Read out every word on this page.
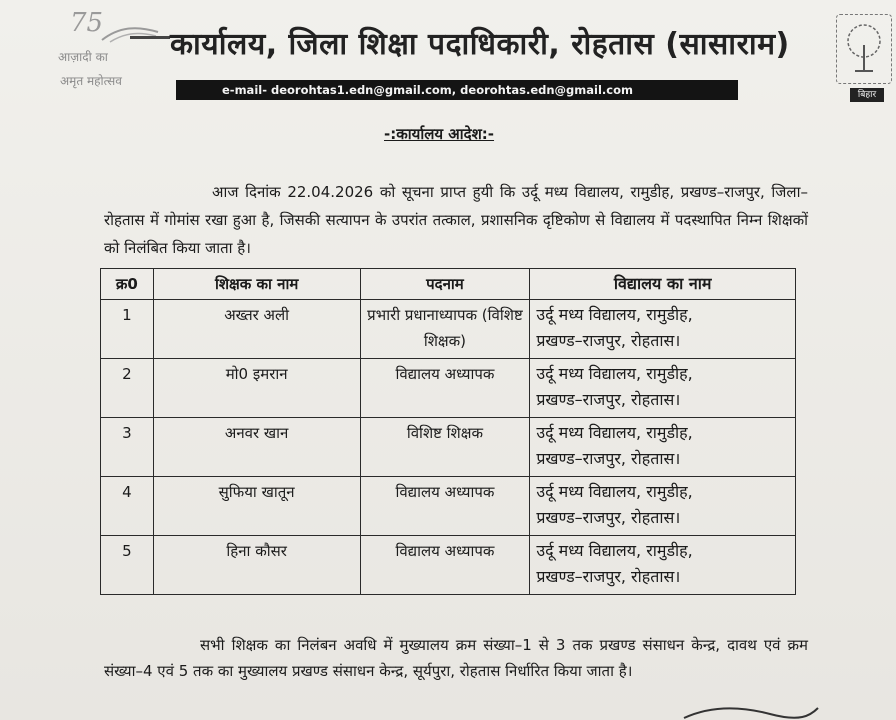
75
आज़ादी का
अमृत महोत्सव
कार्यालय, जिला शिक्षा पदाधिकारी, रोहतास (सासाराम)
e-mail- deorohtas1.edn@gmail.com, deorohtas.edn@gmail.com	बिहार
-:कार्यालय आदेश:-
आज दिनांक 22.04.2026 को सूचना प्राप्त हुयी कि उर्दू मध्य विद्यालय, रामुडीह, प्रखण्ड–राजपुर, जिला–रोहतास में गोमांस रखा हुआ है, जिसकी सत्यापन के उपरांत तत्काल, प्रशासनिक दृष्टिकोण से विद्यालय में पदस्थापित निम्न शिक्षकों को निलंबित किया जाता है।
क्र0	शिक्षक का नाम	पदनाम	विद्यालय का नाम
1	अख्तर अली	प्रभारी प्रधानाध्यापक (विशिष्ट शिक्षक)	उर्दू मध्य विद्यालय, रामुडीह,
प्रखण्ड–राजपुर, रोहतास।

2	मो0 इमरान	विद्यालय अध्यापक	उर्दू मध्य विद्यालय, रामुडीह,
प्रखण्ड–राजपुर, रोहतास।

3	अनवर खान	विशिष्ट शिक्षक	उर्दू मध्य विद्यालय, रामुडीह,
प्रखण्ड–राजपुर, रोहतास।

4	सुफिया खातून	विद्यालय अध्यापक	उर्दू मध्य विद्यालय, रामुडीह,
प्रखण्ड–राजपुर, रोहतास।

5	हिना कौसर	विद्यालय अध्यापक	उर्दू मध्य विद्यालय, रामुडीह,
प्रखण्ड–राजपुर, रोहतास।
सभी शिक्षक का निलंबन अवधि में मुख्यालय क्रम संख्या–1 से 3 तक प्रखण्ड संसाधन केन्द्र, दावथ एवं क्रम संख्या–4 एवं 5 तक का मुख्यालय प्रखण्ड संसाधन केन्द्र, सूर्यपुरा, रोहतास निर्धारित किया जाता है।
